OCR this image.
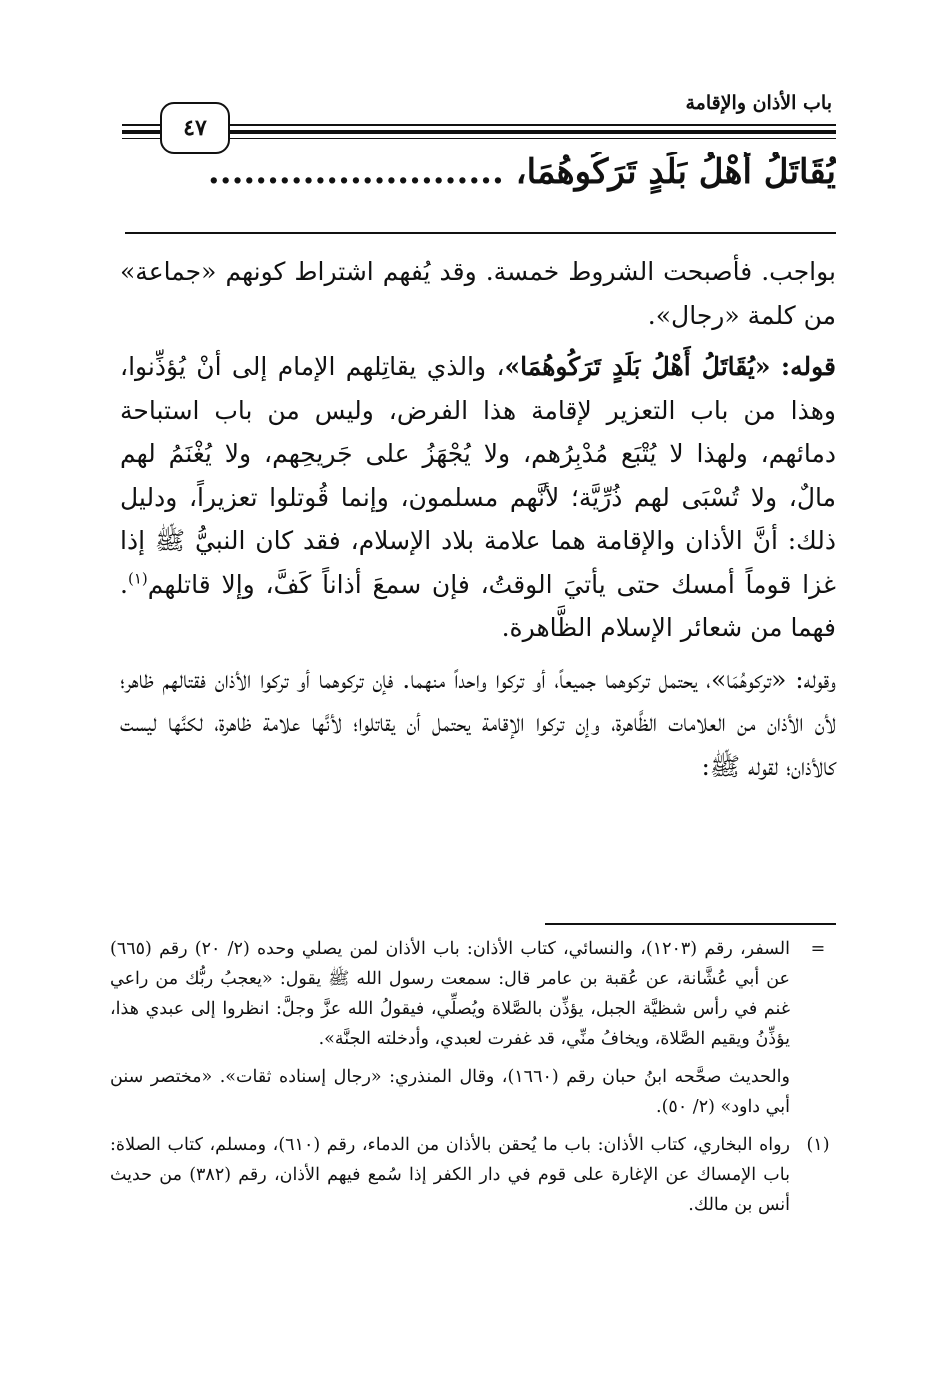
باب الأذان والإقامة
٤٧
يُقَاتَلُ أَهْلُ بَلَدٍ تَرَكُوهُمَا، .........................

بواجب. فأصبحت الشروط خمسة. وقد يُفهم اشتراط كونهم «جماعة» من كلمة «رجال».

قوله: «يُقَاتَلُ أَهْلُ بَلَدٍ تَرَكُوهُمَا»، والذي يقاتِلهم الإمام إلى أنْ يُؤذِّنوا، وهذا من باب التعزير لإقامة هذا الفرض، وليس من باب استباحة دمائهم، ولهذا لا يُتْبَع مُدْبِرُهم، ولا يُجْهَزُ على جَريحِهم، ولا يُغْنَمُ لهم مالٌ، ولا تُسْبَى لهم ذُرِّيَّة؛ لأنَّهم مسلمون، وإنما قُوتلوا تعزيراً، ودليل ذلك: أنَّ الأذان والإقامة هما علامة بلاد الإسلام، فقد كان النبيُّ ﷺ إذا غزا قوماً أمسك حتى يأتيَ الوقتُ، فإن سمعَ أذاناً كَفَّ، وإلا قاتلهم$^{(١)}$. فهما من شعائر الإسلام الظَّاهرة.

وقوله: «تركوهُمَا»، يحتمل تركوهما جميعاً، أو تركوا واحداً منهما. فإن تركوهما أو تركوا الأذان فقتالهم ظاهر؛ لأن الأذان من العلامات الظَّاهرة، وإن تركوا الإقامة يحتمل أن يقاتلوا؛ لأنَّها علامة ظاهرة، لكنَّها ليست كالأذان؛ لقوله ﷺ:

=
السفر، رقم (١٢٠٣)، والنسائي، كتاب الأذان: باب الأذان لمن يصلي وحده (٢/ ٢٠) رقم (٦٦٥) عن أبي عُشَّانة، عن عُقبة بن عامر قال: سمعت رسول الله ﷺ يقول: «يعجبُ ربُّك من راعي غنم في رأس شظيَّة الجبل، يؤذِّن بالصَّلاة ويُصلِّي، فيقولُ الله عزَّ وجلَّ: انظروا إلى عبدي هذا، يؤذِّنُ ويقيم الصَّلاة، ويخافُ منِّي، قد غفرت لعبدي، وأدخلته الجنَّة».
والحديث صحَّحه ابنُ حبان رقم (١٦٦٠)، وقال المنذري: «رجال إسناده ثقات». «مختصر سنن أبي داود» (٢/ ٥٠).
(١)
رواه البخاري، كتاب الأذان: باب ما يُحقن بالأذان من الدماء، رقم (٦١٠)، ومسلم، كتاب الصلاة: باب الإمساك عن الإغارة على قوم في دار الكفر إذا سُمع فيهم الأذان، رقم (٣٨٢) من حديث أنس بن مالك.
